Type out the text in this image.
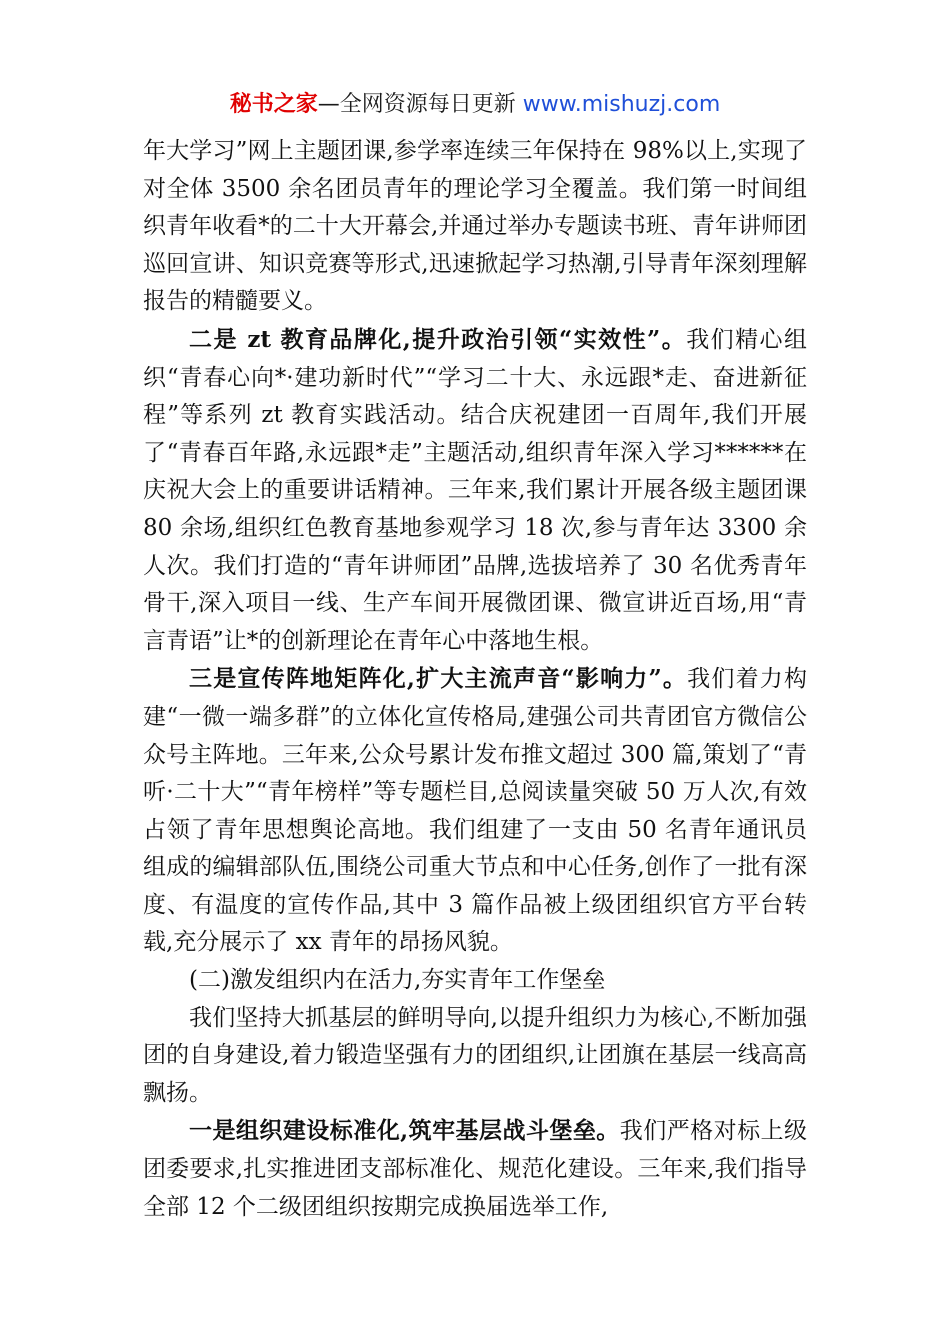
秘书之家—全网资源每日更新 www.mishuzj.com

年大学习”网上主题团课,参学率连续三年保持在 98%以上,实现了对全体 3500 余名团员青年的理论学习全覆盖。我们第一时间组织青年收看*的二十大开幕会,并通过举办专题读书班、青年讲师团巡回宣讲、知识竞赛等形式,迅速掀起学习热潮,引导青年深刻理解报告的精髓要义。

二是 zt 教育品牌化,提升政治引领“实效性”。我们精心组织“青春心向*·建功新时代”“学习二十大、永远跟*走、奋进新征程”等系列 zt 教育实践活动。结合庆祝建团一百周年,我们开展了“青春百年路,永远跟*走”主题活动,组织青年深入学习******在庆祝大会上的重要讲话精神。三年来,我们累计开展各级主题团课 80 余场,组织红色教育基地参观学习 18 次,参与青年达 3300 余人次。我们打造的“青年讲师团”品牌,选拔培养了 30 名优秀青年骨干,深入项目一线、生产车间开展微团课、微宣讲近百场,用“青言青语”让*的创新理论在青年心中落地生根。

三是宣传阵地矩阵化,扩大主流声音“影响力”。我们着力构建“一微一端多群”的立体化宣传格局,建强公司共青团官方微信公众号主阵地。三年来,公众号累计发布推文超过 300 篇,策划了“青听·二十大”“青年榜样”等专题栏目,总阅读量突破 50 万人次,有效占领了青年思想舆论高地。我们组建了一支由 50 名青年通讯员组成的编辑部队伍,围绕公司重大节点和中心任务,创作了一批有深度、有温度的宣传作品,其中 3 篇作品被上级团组织官方平台转载,充分展示了 xx 青年的昂扬风貌。

(二)激发组织内在活力,夯实青年工作堡垒

我们坚持大抓基层的鲜明导向,以提升组织力为核心,不断加强团的自身建设,着力锻造坚强有力的团组织,让团旗在基层一线高高飘扬。

一是组织建设标准化,筑牢基层战斗堡垒。我们严格对标上级团委要求,扎实推进团支部标准化、规范化建设。三年来,我们指导全部 12 个二级团组织按期完成换届选举工作,
